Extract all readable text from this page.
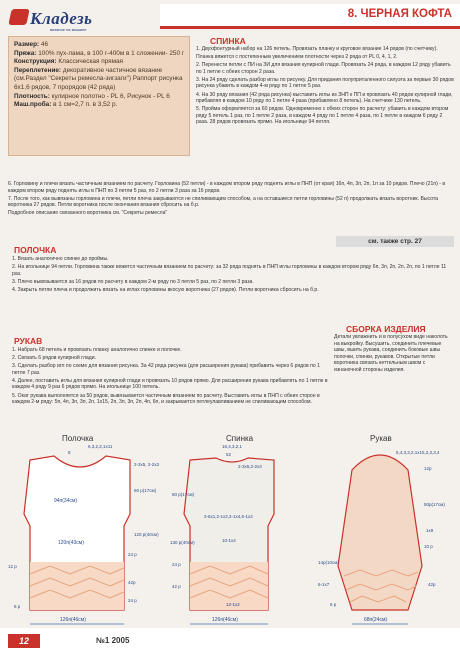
Кладезь
вязание на машине
8. ЧЕРНАЯ КОФТА

Размер: 46

Пряжа: 100% пух-лама, в 100 г-400м в 1 сложении- 250 г

Конструкция: Классическая прямая

Переплетение: декоративное частичное вязание (см.Раздел "Секреты ремесла-зигзаги") Раппорт рисунка 6х1,6 рядов, 7 прорядов (42 ряда)

Плотность: кулирное полотно - PL 6, Рисунок - PL 6

Маш.проба: в 1 см=2,7 п. в 3,52 р.

СПИНКА

1. Двухфонтурный набор на 126 петель. Провязать планку и круговое вязание 14 рядов (по счетчику).

Планка вяжется с постепенным увеличением плотности через 2 ряда от PL 0, 4, 1, 2.

2. Перенести петли с ПИ на ЗИ для вязания кулирной глади. Провязать 24 ряда, в каждом 12 ряду убавить по 1 петле с обеих сторон 2 раза.

3. На 24 ряду сделать разбор иглы по рисунку. Для придания полуприталенного силуэта за первые 30 рядов рисунка убавить в каждом 4-м ряду по 1 петле 5 раз.

4. На 30 ряду вязания (42 ряда рисунка) выставить иглы из ЗНП к ПП и провязать 40 рядов кулирной глади, прибавляя в каждом 10 ряду по 1 петле 4 раза (прибавлено 8 петель). На счетчике 130 петель.

5. Пройма оформляется за 60 рядов. Одновременно с обеих сторон по расчету: убавить в каждом втором ряду 5 петель 1 раз, по 1 петле 2 раза, в каждом 4 ряду по 1 петле 4 раза, по 1 петле в каждом 6 ряду 2 раза. 28 рядов провязать прямо. На игольнице 94 петля.

6. Горловину и плечи вязать частичным вязанием по расчету. Горловина (52 петли) - в каждом втором ряду поднять иглы в ПНП (от края) 16п, 4п, 3п, 2п, 1п за 10 рядов. Плечо (21п) - в каждом втором ряду поднять иглы в ПНП по 3 петли 5 раз, по 2 петли 3 раза за 16 рядов.

7. После того, как вывязаны горловина и плечи, петли плеча закрываются не спиливающим способом, а на оставшиеся петли горловины (52 п) продолжать вязать воротник. Высота воротника 27 рядов. Петли воротника после окончания вязания сбросить на б.р.

Подробное описание связанного воротника см. "Секреты ремесла"

см. также стр. 27
ПОЛОЧКА

1. Вязать аналогично спинке до проймы.

2. На игольнице 94 петли. Горловина также вяжется частичным вязанием по расчету: за 32 ряда поднять в ПНП иглы горловины в каждом втором ряду 6п, 3п, 2п, 2п, 2п, по 1 петле 11 раз.

3. Плечо вывязывается за 16 рядов по расчету в каждом 2-м ряду по 3 петли 5 раз, по 2 петли 3 раза.

4. Закрыть петли плеча и продолжить вязать на иглах горловины вкосую воротника (27 рядов). Петли воротника сбросить на б.р.

РУКАВ

1. Набрать 68 петель и провязать планку аналогично спинке и полочке.

2. Связать 6 рядов кулирной глади.

3. Сделать разбор игл по схеме для вязания рисунка. За 42 ряда рисунка (для расширения рукава) прибавить через 6 рядов по 1 петле 7 раз.

4. Далее, поставить иглы для вязания кулирной глади и провязать 10 рядов прямо. Для расширения рукава прибавлять по 1 петле в каждом 4 ряду 9 раз 6 рядов прямо. На игольнице 100 петель.

5. Окат рукава выполняется за 50 рядов, вывязывается частичным вязанием по расчету. Выставить иглы в ПНП с обеих сторон в каждом 2-м ряду: 5п, 4п, 3п, 3п, 2п, 1х15, 2п, 3п, 3п, 2п, 4п, 6п, и закрывается петлеулавливанием не спиливающим способом.

СБОРКА ИЗДЕЛИЯ

Детали увлажнить и в полусухом виде наколоть на выкройку. Высушить, соединить плечевые швы, вшить рукава, соединить боковые швы полочки, спинки, рукавов. Открытые петли воротника связать кеттельным швом с изнаночной стороны изделия.

Полочка	Спинка	Рукав
8
6,3,2,2,1х11
2-3х5, 2-2х3
94п(34см)
60 р(17см)
120 р(40см)
120п(43см)
24 р
42р
24 р
12 р
6 р
126п(46см)
16,4,3,2,1
52
2-3х5,2-2х3
60 р(17см)
2-6х1,2-1х2,2-1х4,6-1х2
130 р(40см)	10-1х4
24 р
12-1х2
42 р
126п(46см)
5,4,3,3,2,1х15,2,3,3,4
12р
50р(17см)
1х9
10 р
42р
14р(10см)
6-1х7
6 р
68п(24см)
12	№1 2005
